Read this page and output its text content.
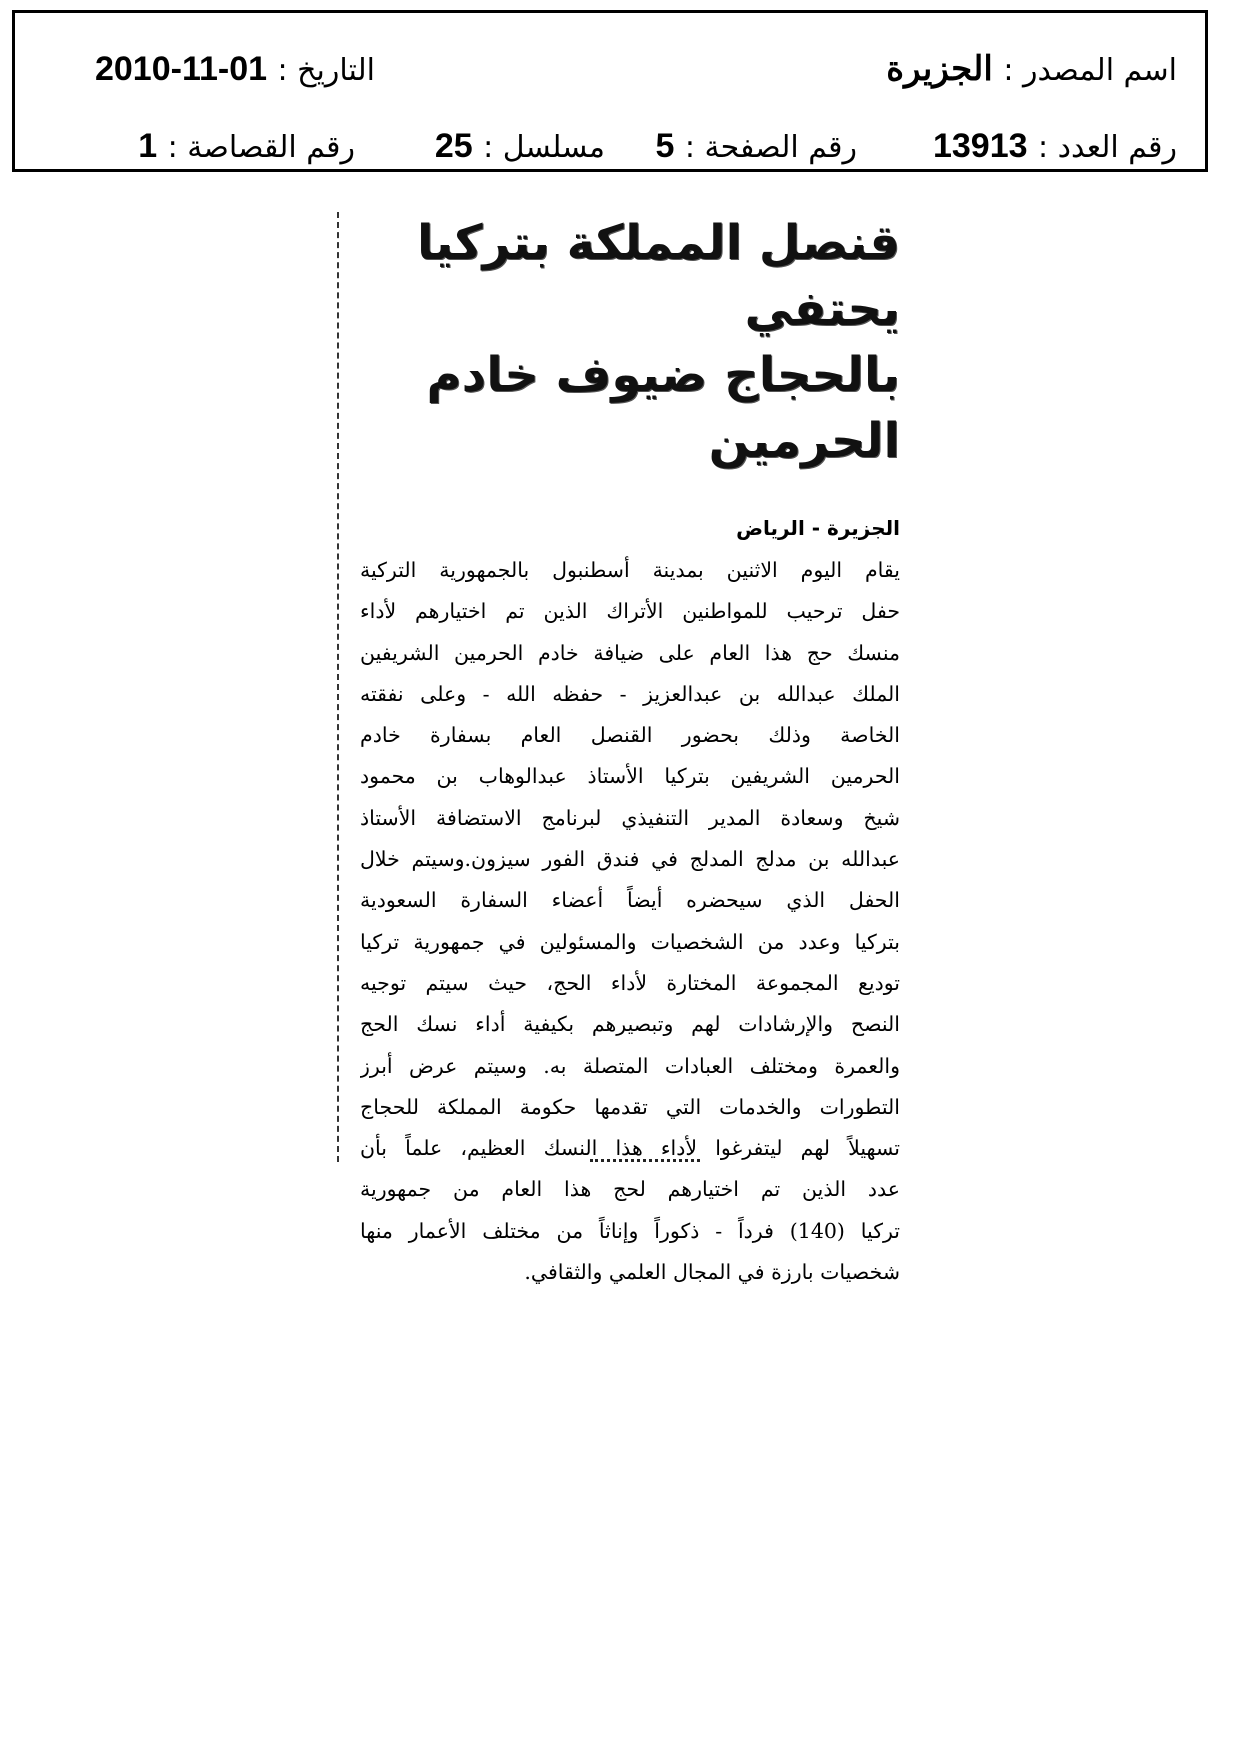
اسم المصدر : الجزيرة
التاريخ : 2010-11-01
رقم العدد : 13913
رقم الصفحة : 5
مسلسل : 25
رقم القصاصة : 1
قنصل المملكة بتركيا يحتفي
بالحجاج ضيوف خادم الحرمين
الجزيرة - الرياض
يقام اليوم الاثنين بمدينة أسطنبول بالجمهورية التركية
حفل ترحيب للمواطنين الأتراك الذين تم اختيارهم لأداء
منسك حج هذا العام على ضيافة خادم الحرمين الشريفين
الملك عبدالله بن عبدالعزيز - حفظه الله - وعلى نفقته
الخاصة وذلك بحضور القنصل العام بسفارة خادم
الحرمين الشريفين بتركيا الأستاذ عبدالوهاب بن محمود
شيخ وسعادة المدير التنفيذي لبرنامج الاستضافة الأستاذ
عبدالله بن مدلج المدلج في فندق الفور سيزون.وسيتم خلال
الحفل الذي سيحضره أيضاً أعضاء السفارة السعودية
بتركيا وعدد من الشخصيات والمسئولين في جمهورية تركيا
توديع المجموعة المختارة لأداء الحج، حيث سيتم توجيه
النصح والإرشادات لهم وتبصيرهم بكيفية أداء نسك الحج
والعمرة ومختلف العبادات المتصلة به. وسيتم عرض أبرز
التطورات والخدمات التي تقدمها حكومة المملكة للحجاج
تسهيلاً لهم ليتفرغوا لأداء هذا النسك العظيم، علماً بأن
عدد الذين تم اختيارهم لحج هذا العام من جمهورية
تركيا (140) فرداً - ذكوراً وإناثاً من مختلف الأعمار منها
شخصيات بارزة في المجال العلمي والثقافي.
